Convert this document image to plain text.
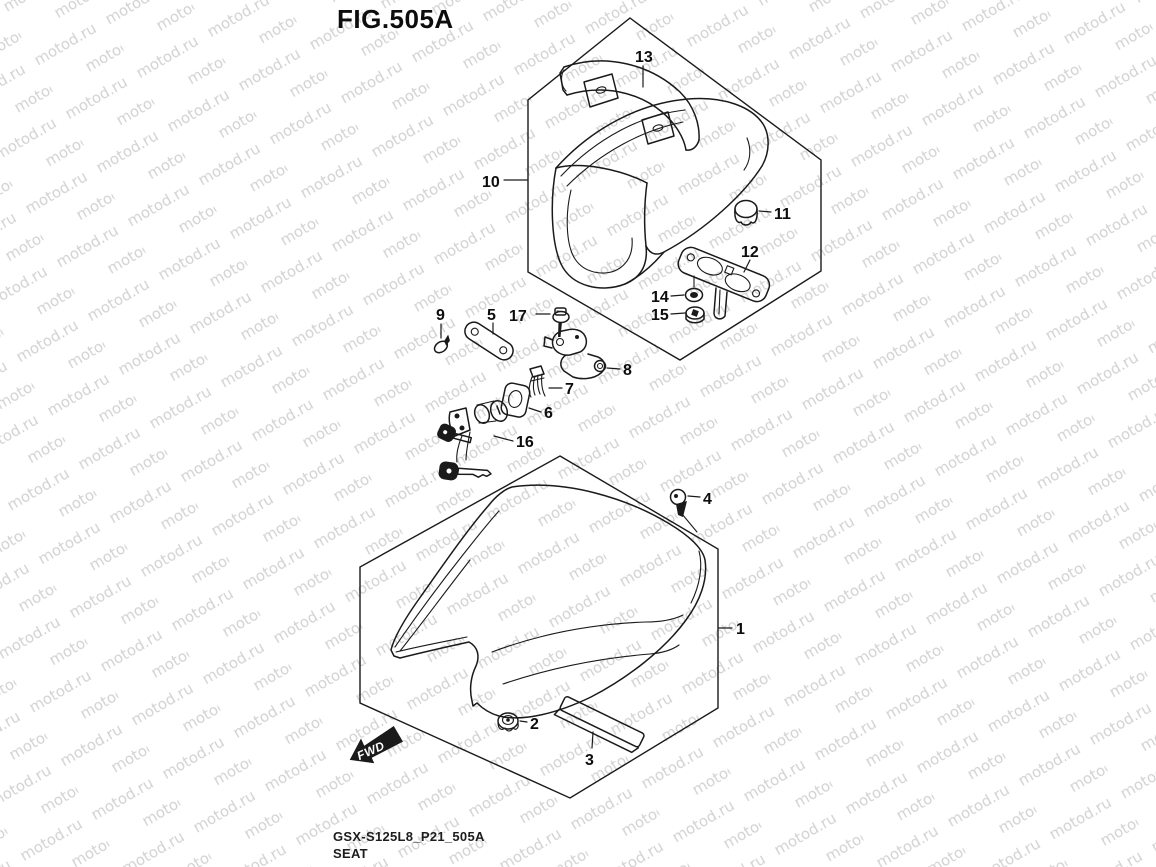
FIG.505A
FWD
1
2
3
4
5
6
7
8
9
10
11
12
13
14
15
16
17
GSX-S125L8_P21_505A
SEAT
